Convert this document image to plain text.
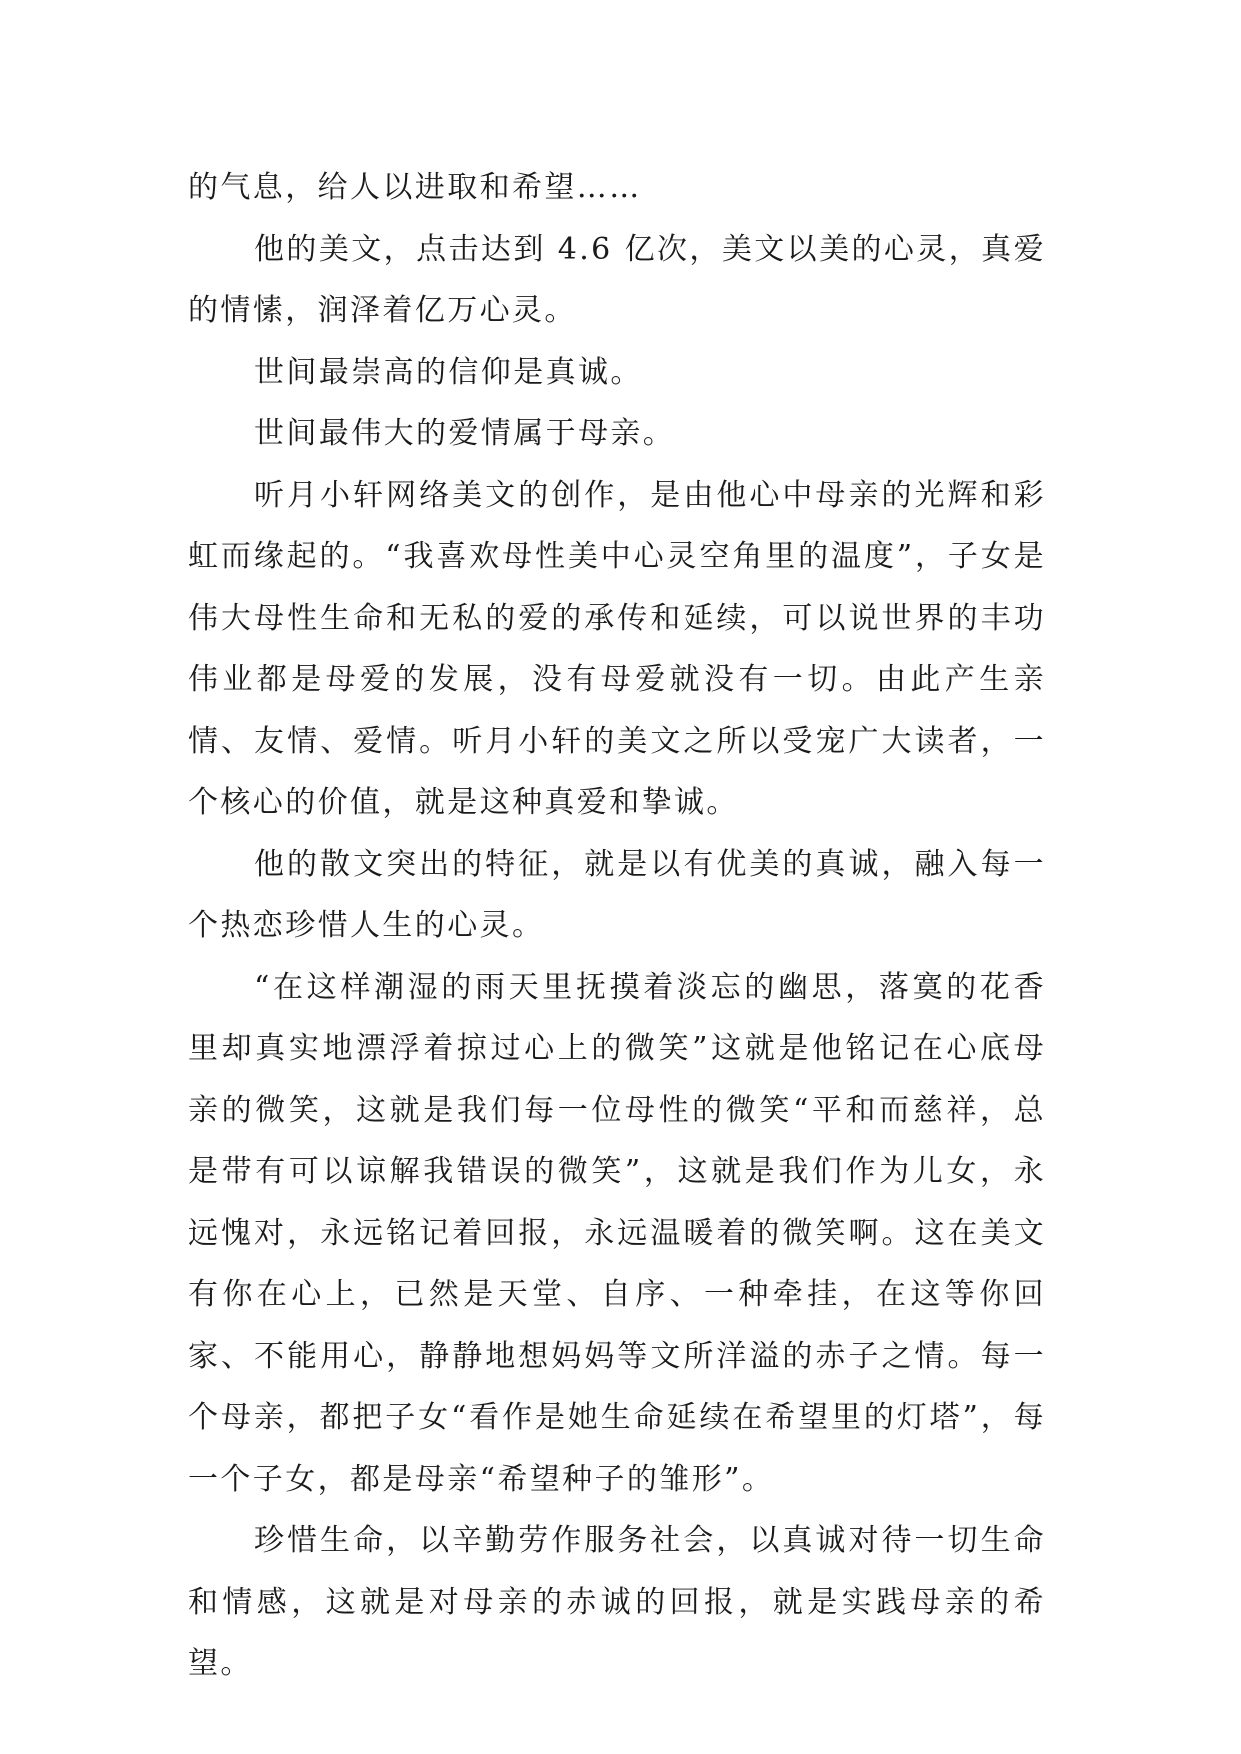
的气息，给人以进取和希望……

他的美文，点击达到 4.6 亿次，美文以美的心灵，真爱的情愫，润泽着亿万心灵。

世间最崇高的信仰是真诚。

世间最伟大的爱情属于母亲。

听月小轩网络美文的创作，是由他心中母亲的光辉和彩虹而缘起的。“我喜欢母性美中心灵空角里的温度”，子女是伟大母性生命和无私的爱的承传和延续，可以说世界的丰功伟业都是母爱的发展，没有母爱就没有一切。由此产生亲情、友情、爱情。听月小轩的美文之所以受宠广大读者，一个核心的价值，就是这种真爱和挚诚。

他的散文突出的特征，就是以有优美的真诚，融入每一个热恋珍惜人生的心灵。

“在这样潮湿的雨天里抚摸着淡忘的幽思，落寞的花香里却真实地漂浮着掠过心上的微笑”这就是他铭记在心底母亲的微笑，这就是我们每一位母性的微笑“平和而慈祥，总是带有可以谅解我错误的微笑”，这就是我们作为儿女，永远愧对，永远铭记着回报，永远温暖着的微笑啊。这在美文有你在心上，已然是天堂、自序、一种牵挂，在这等你回家、不能用心，静静地想妈妈等文所洋溢的赤子之情。每一个母亲，都把子女“看作是她生命延续在希望里的灯塔”，每一个子女，都是母亲“希望种子的雏形”。

珍惜生命，以辛勤劳作服务社会，以真诚对待一切生命和情感，这就是对母亲的赤诚的回报，就是实践母亲的希望。
